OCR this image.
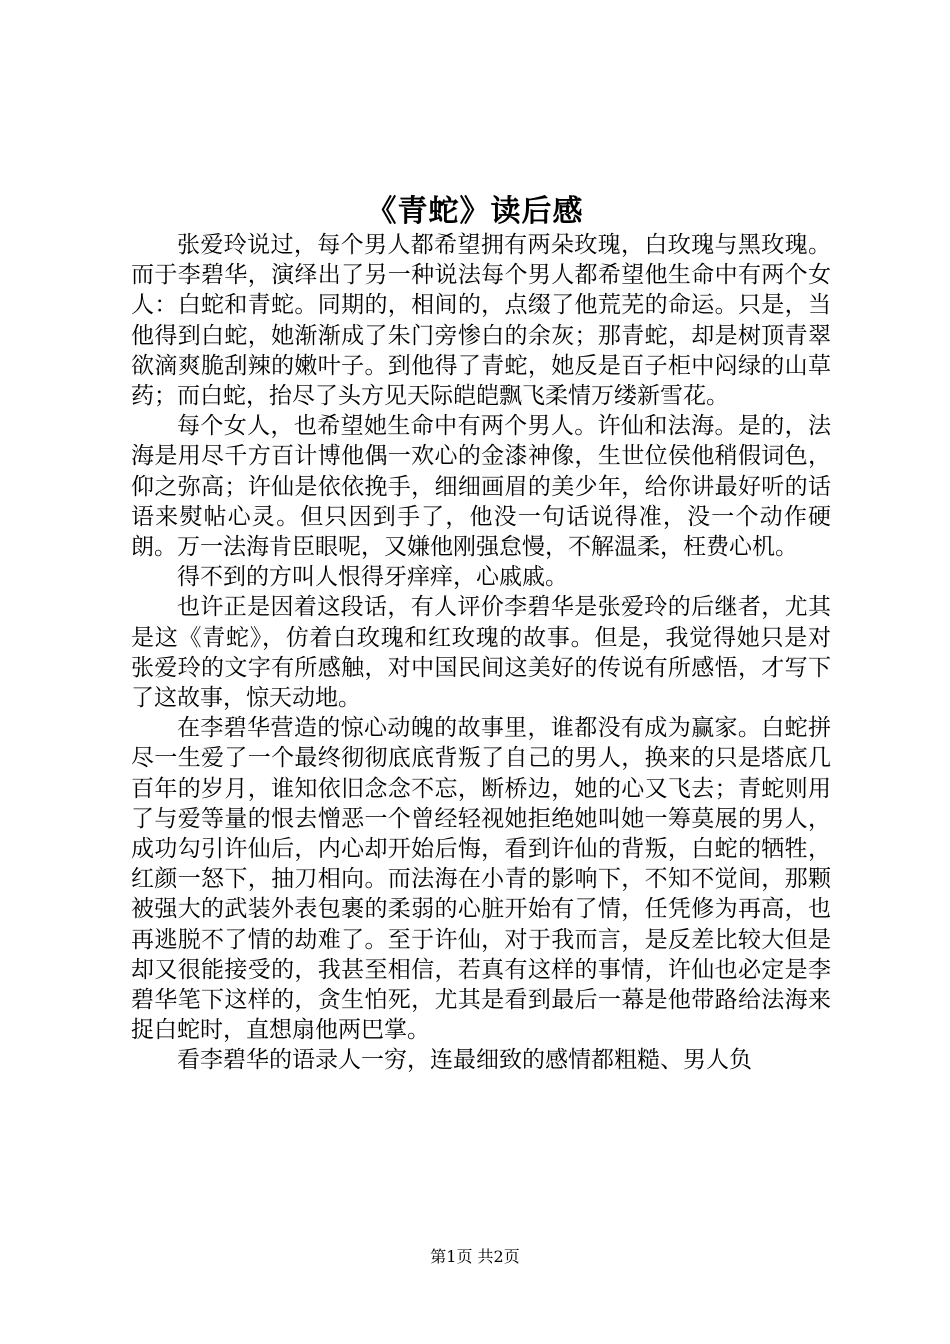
《青蛇》读后感

张爱玲说过，每个男人都希望拥有两朵玫瑰，白玫瑰与黑玫瑰。而于李碧华，演绎出了另一种说法每个男人都希望他生命中有两个女人：白蛇和青蛇。同期的，相间的，点缀了他荒芜的命运。只是，当他得到白蛇，她渐渐成了朱门旁惨白的余灰；那青蛇，却是树顶青翠欲滴爽脆刮辣的嫩叶子。到他得了青蛇，她反是百子柜中闷绿的山草药；而白蛇，抬尽了头方见天际皑皑飘飞柔情万缕新雪花。

每个女人，也希望她生命中有两个男人。许仙和法海。是的，法海是用尽千方百计博他偶一欢心的金漆神像，生世位侯他稍假词色，仰之弥高；许仙是依依挽手，细细画眉的美少年，给你讲最好听的话语来熨帖心灵。但只因到手了，他没一句话说得准，没一个动作硬朗。万一法海肯臣眼呢，又嫌他刚强怠慢，不解温柔，枉费心机。

得不到的方叫人恨得牙痒痒，心戚戚。

也许正是因着这段话，有人评价李碧华是张爱玲的后继者，尤其是这《青蛇》，仿着白玫瑰和红玫瑰的故事。但是，我觉得她只是对张爱玲的文字有所感触，对中国民间这美好的传说有所感悟，才写下了这故事，惊天动地。

在李碧华营造的惊心动魄的故事里，谁都没有成为赢家。白蛇拼尽一生爱了一个最终彻彻底底背叛了自己的男人，换来的只是塔底几百年的岁月，谁知依旧念念不忘，断桥边，她的心又飞去；青蛇则用了与爱等量的恨去憎恶一个曾经轻视她拒绝她叫她一筹莫展的男人，成功勾引许仙后，内心却开始后悔，看到许仙的背叛，白蛇的牺牲，红颜一怒下，抽刀相向。而法海在小青的影响下，不知不觉间，那颗被强大的武装外表包裹的柔弱的心脏开始有了情，任凭修为再高，也再逃脱不了情的劫难了。至于许仙，对于我而言，是反差比较大但是却又很能接受的，我甚至相信，若真有这样的事情，许仙也必定是李碧华笔下这样的，贪生怕死，尤其是看到最后一幕是他带路给法海来捉白蛇时，直想扇他两巴掌。

看李碧华的语录人一穷，连最细致的感情都粗糙、男人负

第1页 共2页
